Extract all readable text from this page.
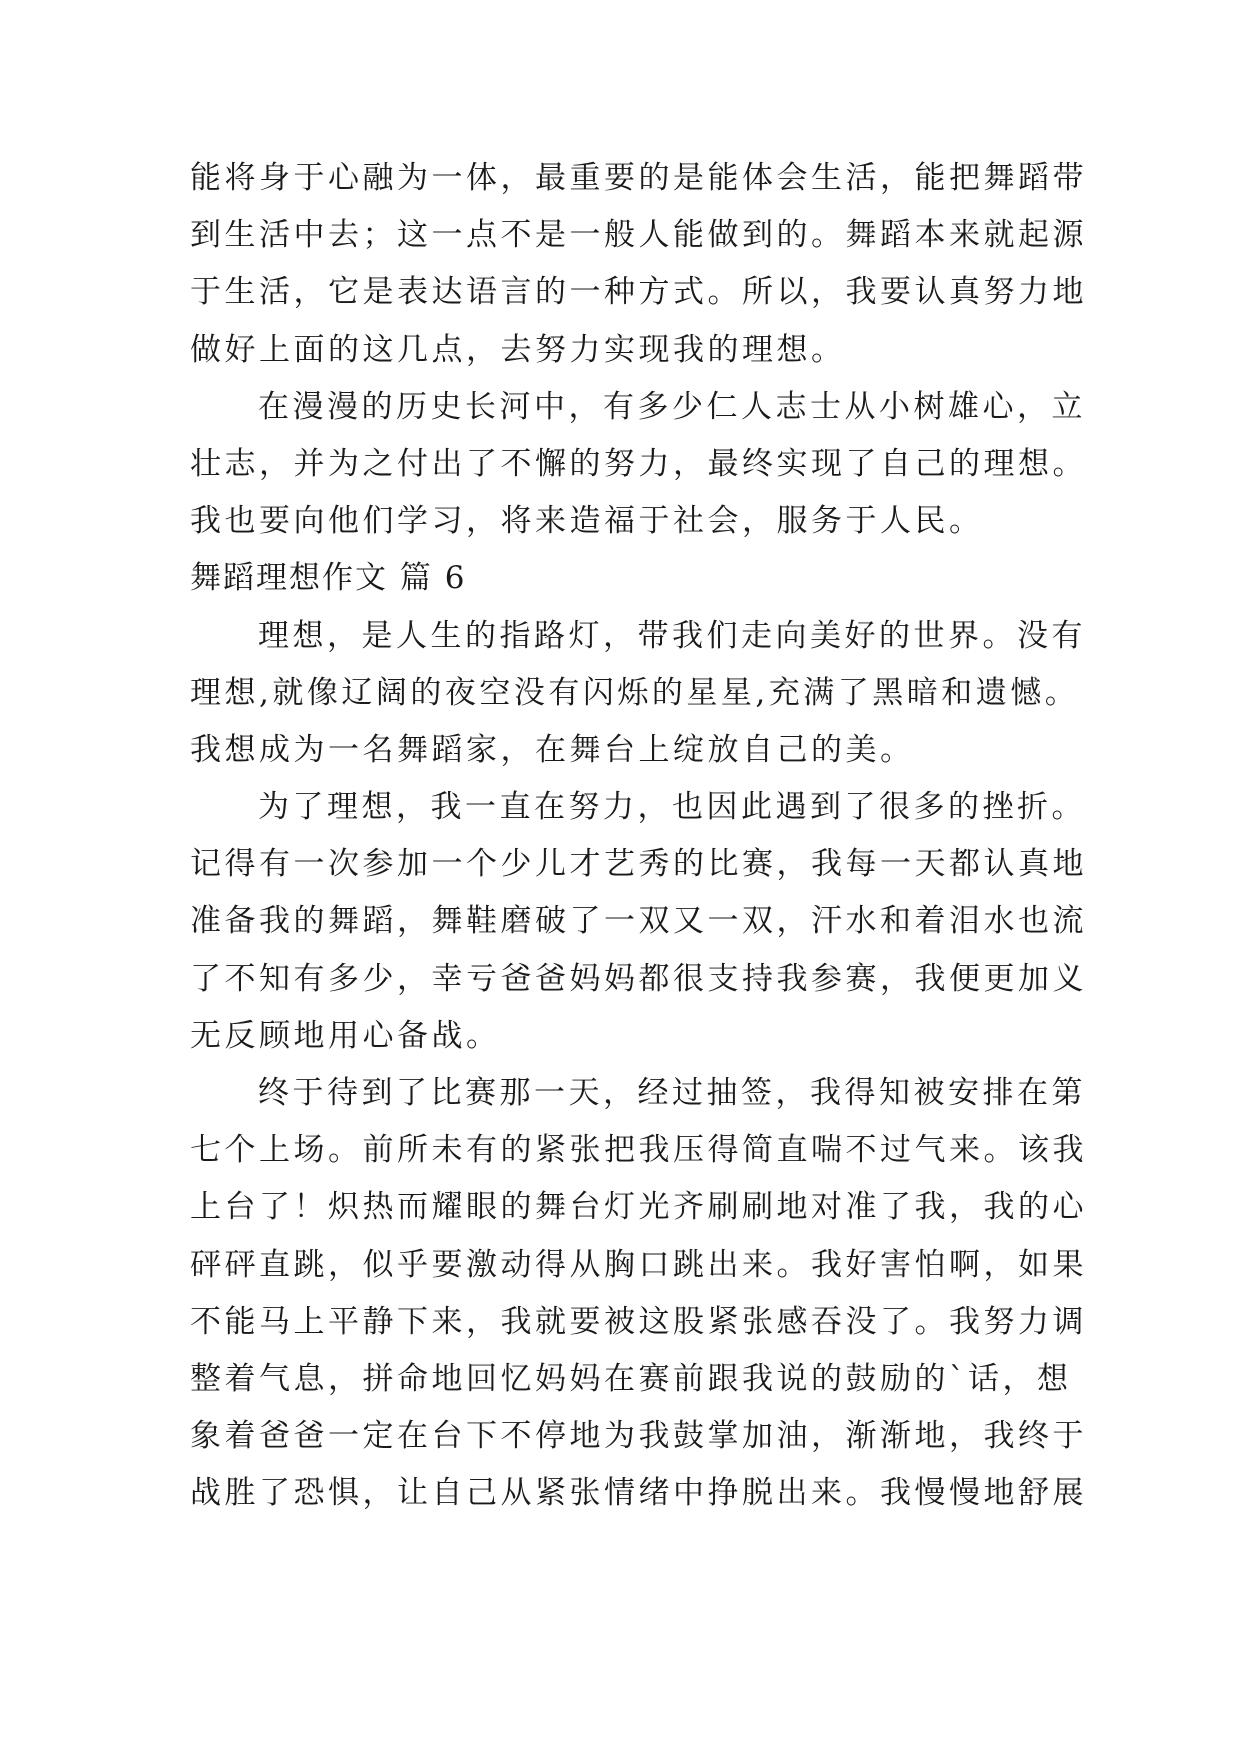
能将身于心融为一体，最重要的是能体会生活，能把舞蹈带
到生活中去；这一点不是一般人能做到的。舞蹈本来就起源
于生活，它是表达语言的一种方式。所以，我要认真努力地
做好上面的这几点，去努力实现我的理想。
在漫漫的历史长河中，有多少仁人志士从小树雄心，立
壮志，并为之付出了不懈的努力，最终实现了自己的理想。
我也要向他们学习，将来造福于社会，服务于人民。
舞蹈理想作文 篇 6
理想，是人生的指路灯，带我们走向美好的世界。没有
理想,就像辽阔的夜空没有闪烁的星星,充满了黑暗和遗憾。
我想成为一名舞蹈家，在舞台上绽放自己的美。
为了理想，我一直在努力，也因此遇到了很多的挫折。
记得有一次参加一个少儿才艺秀的比赛，我每一天都认真地
准备我的舞蹈，舞鞋磨破了一双又一双，汗水和着泪水也流
了不知有多少，幸亏爸爸妈妈都很支持我参赛，我便更加义
无反顾地用心备战。
终于待到了比赛那一天，经过抽签，我得知被安排在第
七个上场。前所未有的紧张把我压得简直喘不过气来。该我
上台了！炽热而耀眼的舞台灯光齐刷刷地对准了我，我的心
砰砰直跳，似乎要激动得从胸口跳出来。我好害怕啊，如果
不能马上平静下来，我就要被这股紧张感吞没了。我努力调
整着气息，拼命地回忆妈妈在赛前跟我说的鼓励的`话，想
象着爸爸一定在台下不停地为我鼓掌加油，渐渐地，我终于
战胜了恐惧，让自己从紧张情绪中挣脱出来。我慢慢地舒展
